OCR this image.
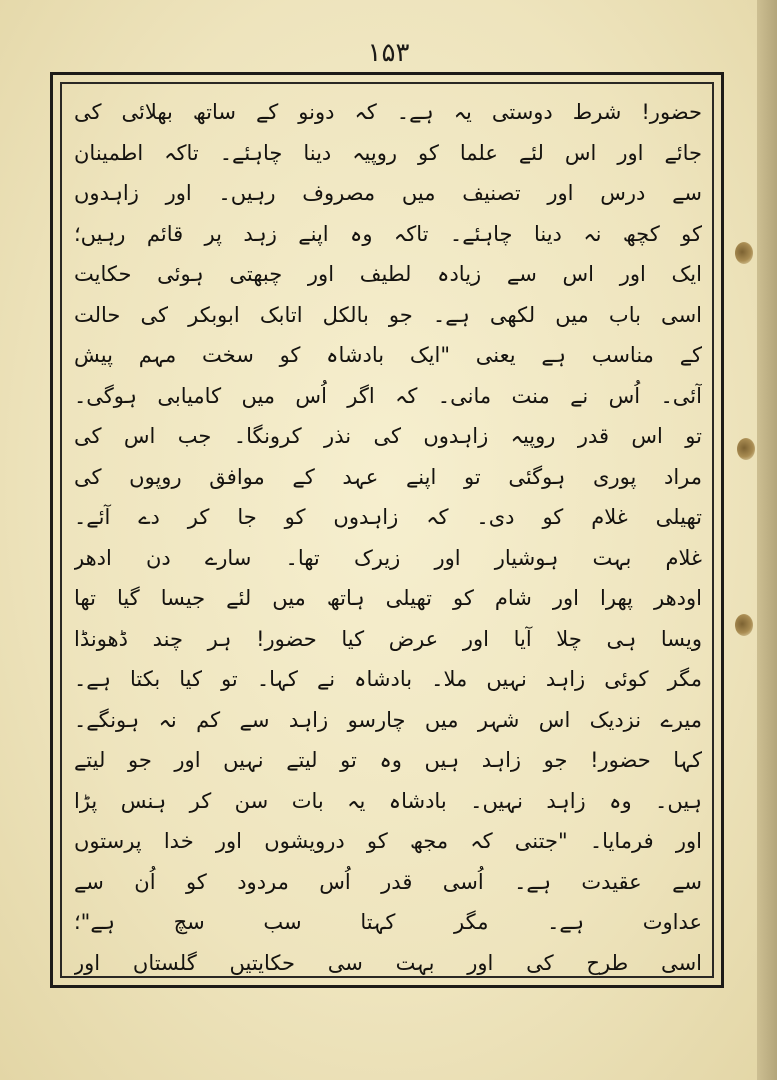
۱۵۳
حضور! شرط دوستی یہ ہے۔ کہ دونو کے ساتھ بھلائی کی
جائے اور اس لئے علما کو روپیہ دینا چاہئے۔ تاکہ اطمینان
سے درس اور تصنیف میں مصروف رہیں۔ اور زاہدوں
کو کچھ نہ دینا چاہئے۔ تاکہ وہ اپنے زہد پر قائم رہیں؛
ایک اور اس سے زیادہ لطیف اور چبھتی ہوئی حکایت
اسی باب میں لکھی ہے۔ جو بالکل اتابک ابوبکر کی حالت
کے مناسب ہے یعنی "ایک بادشاہ کو سخت مہم پیش
آئی۔ اُس نے منت مانی۔ کہ اگر اُس میں کامیابی ہوگی۔
تو اس قدر روپیہ زاہدوں کی نذر کرونگا۔ جب اس کی
مراد پوری ہوگئی تو اپنے عہد کے موافق روپوں کی
تھیلی غلام کو دی۔ کہ زاہدوں کو جا کر دے آئے۔
غلام بہت ہوشیار اور زیرک تھا۔ سارے دن ادھر
اودھر پھرا اور شام کو تھیلی ہاتھ میں لئے جیسا گیا تھا
ویسا ہی چلا آیا اور عرض کیا حضور! ہر چند ڈھونڈا
مگر کوئی زاہد نہیں ملا۔ بادشاہ نے کہا۔ تو کیا بکتا ہے۔
میرے نزدیک اس شہر میں چارسو زاہد سے کم نہ ہونگے۔
کہا حضور! جو زاہد ہیں وہ تو لیتے نہیں اور جو لیتے
ہیں۔ وہ زاہد نہیں۔ بادشاہ یہ بات سن کر ہنس پڑا
اور فرمایا۔ "جتنی کہ مجھ کو درویشوں اور خدا پرستوں
سے عقیدت ہے۔ اُسی قدر اُس مردود کو اُن سے
عداوت ہے۔ مگر کہتا سب سچ ہے"؛
اسی طرح کی اور بہت سی حکایتیں گلستاں اور
